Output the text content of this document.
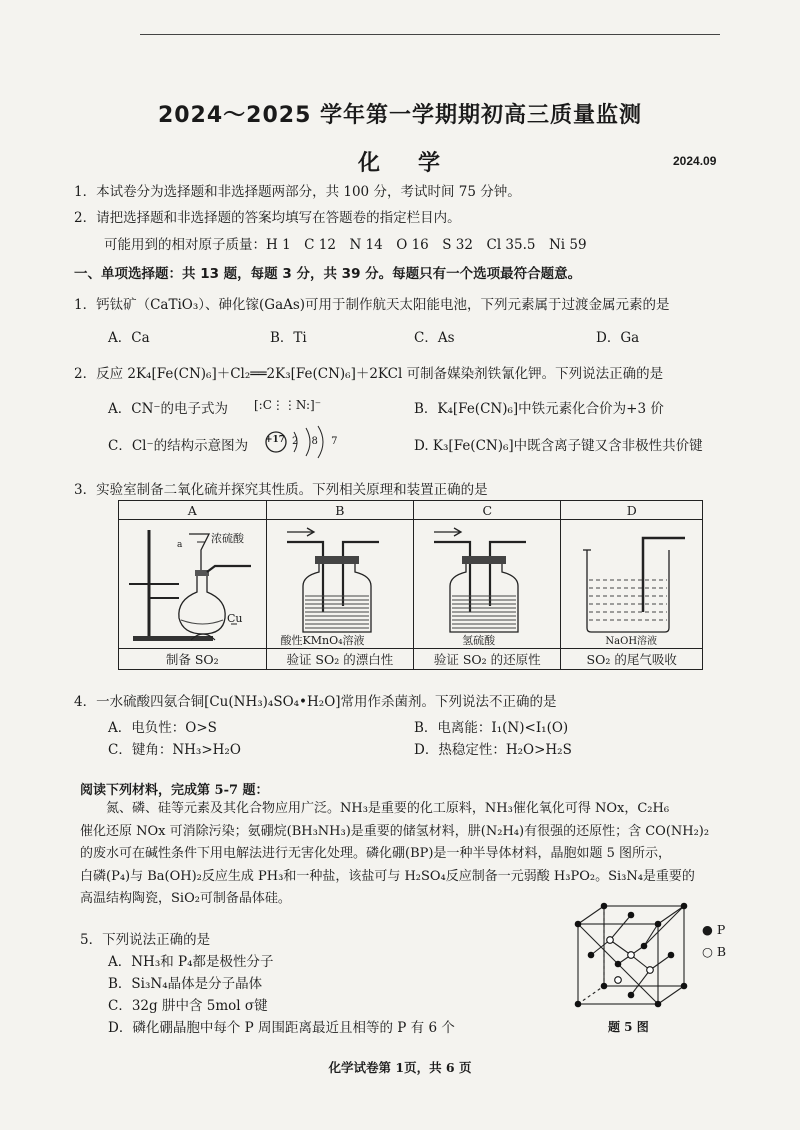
2024～2025 学年第一学期期初高三质量监测
化学	2024.09
1．本试卷分为选择题和非选择题两部分，共 100 分，考试时间 75 分钟。
2．请把选择题和非选择题的答案均填写在答题卷的指定栏目内。
可能用到的相对原子质量：H 1　C 12　N 14　O 16　S 32　Cl 35.5　Ni 59
一、单项选择题：共 13 题，每题 3 分，共 39 分。每题只有一个选项最符合题意。
1．钙钛矿（CaTiO₃）、砷化镓(GaAs)可用于制作航天太阳能电池，下列元素属于过渡金属元素的是
A．Ca	B．Ti	C．As	D．Ga
2．反应 2K₄[Fe(CN)₆]＋Cl₂══2K₃[Fe(CN)₆]＋2KCl 可制备媒染剂铁氰化钾。下列说法正确的是
A．CN⁻的电子式为 [:C⋮⋮N:]⁻	B．K₄[Fe(CN)₆]中铁元素化合价为+3 价
C．Cl⁻的结构示意图为 +17 2 8 7	D. K₃[Fe(CN)₆]中既含离子键又含非极性共价键
3．实验室制备二氧化硫并探究其性质。下列相关原理和装置正确的是
A	B	C	D

a 浓硫酸
Cu	酸性KMnO₄溶液	氢硫酸	NaOH溶液

制备 SO₂	验证 SO₂ 的漂白性	验证 SO₂ 的还原性	SO₂ 的尾气吸收
4．一水硫酸四氨合铜[Cu(NH₃)₄SO₄•H₂O]常用作杀菌剂。下列说法不正确的是
A．电负性：O>S	B．电离能：I₁(N)<I₁(O)
C．键角：NH₃>H₂O	D．热稳定性：H₂O>H₂S
阅读下列材料，完成第 5-7 题：
氮、磷、硅等元素及其化合物应用广泛。NH₃是重要的化工原料，NH₃催化氧化可得 NOx，C₂H₆
催化还原 NOx 可消除污染；氨硼烷(BH₃NH₃)是重要的储氢材料，肼(N₂H₄)有很强的还原性；含 CO(NH₂)₂
的废水可在碱性条件下用电解法进行无害化处理。磷化硼(BP)是一种半导体材料，晶胞如题 5 图所示，
白磷(P₄)与 Ba(OH)₂反应生成 PH₃和一种盐，该盐可与 H₂SO₄反应制备一元弱酸 H₃PO₂。Si₃N₄是重要的
高温结构陶瓷，SiO₂可制备晶体硅。
5．下列说法正确的是
A．NH₃和 P₄都是极性分子
B．Si₃N₄晶体是分子晶体
C．32g 肼中含 5mol σ键
D．磷化硼晶胞中每个 P 周围距离最近且相等的 P 有 6 个
● P
○ B
题 5 图
化学试卷第 1页，共 6 页
